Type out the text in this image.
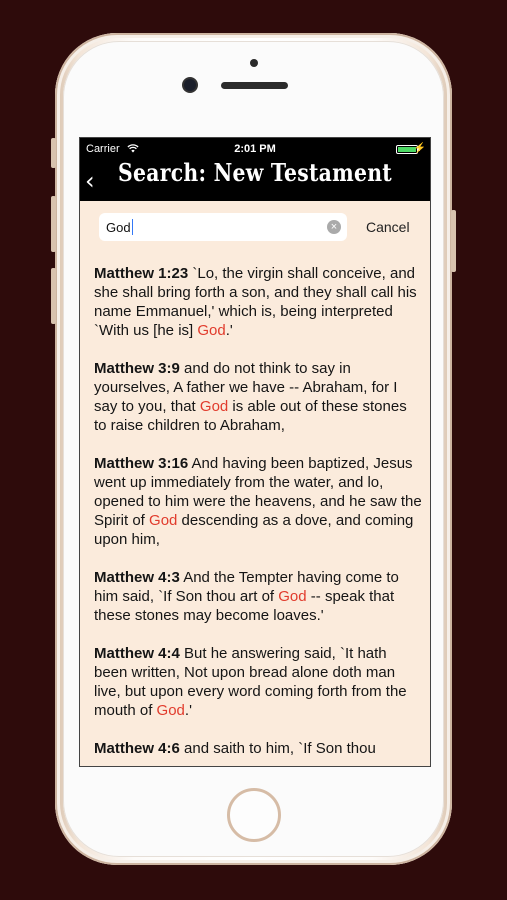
Carrier	2:01 PM	⚡
‹ Search: New Testament
God
× Cancel
Matthew 1:23 `Lo, the virgin shall conceive, and she shall bring forth a son, and they shall call his name Emmanuel,' which is, being interpreted `With us [he is] God.'
Matthew 3:9 and do not think to say in yourselves, A father we have -- Abraham, for I say to you, that God is able out of these stones to raise children to Abraham,
Matthew 3:16 And having been baptized, Jesus went up immediately from the water, and lo, opened to him were the heavens, and he saw the Spirit of God descending as a dove, and coming upon him,
Matthew 4:3 And the Tempter having come to him said, `If Son thou art of God -- speak that these stones may become loaves.'
Matthew 4:4 But he answering said, `It hath been written, Not upon bread alone doth man live, but upon every word coming forth from the mouth of God.'
Matthew 4:6 and saith to him, `If Son thou
